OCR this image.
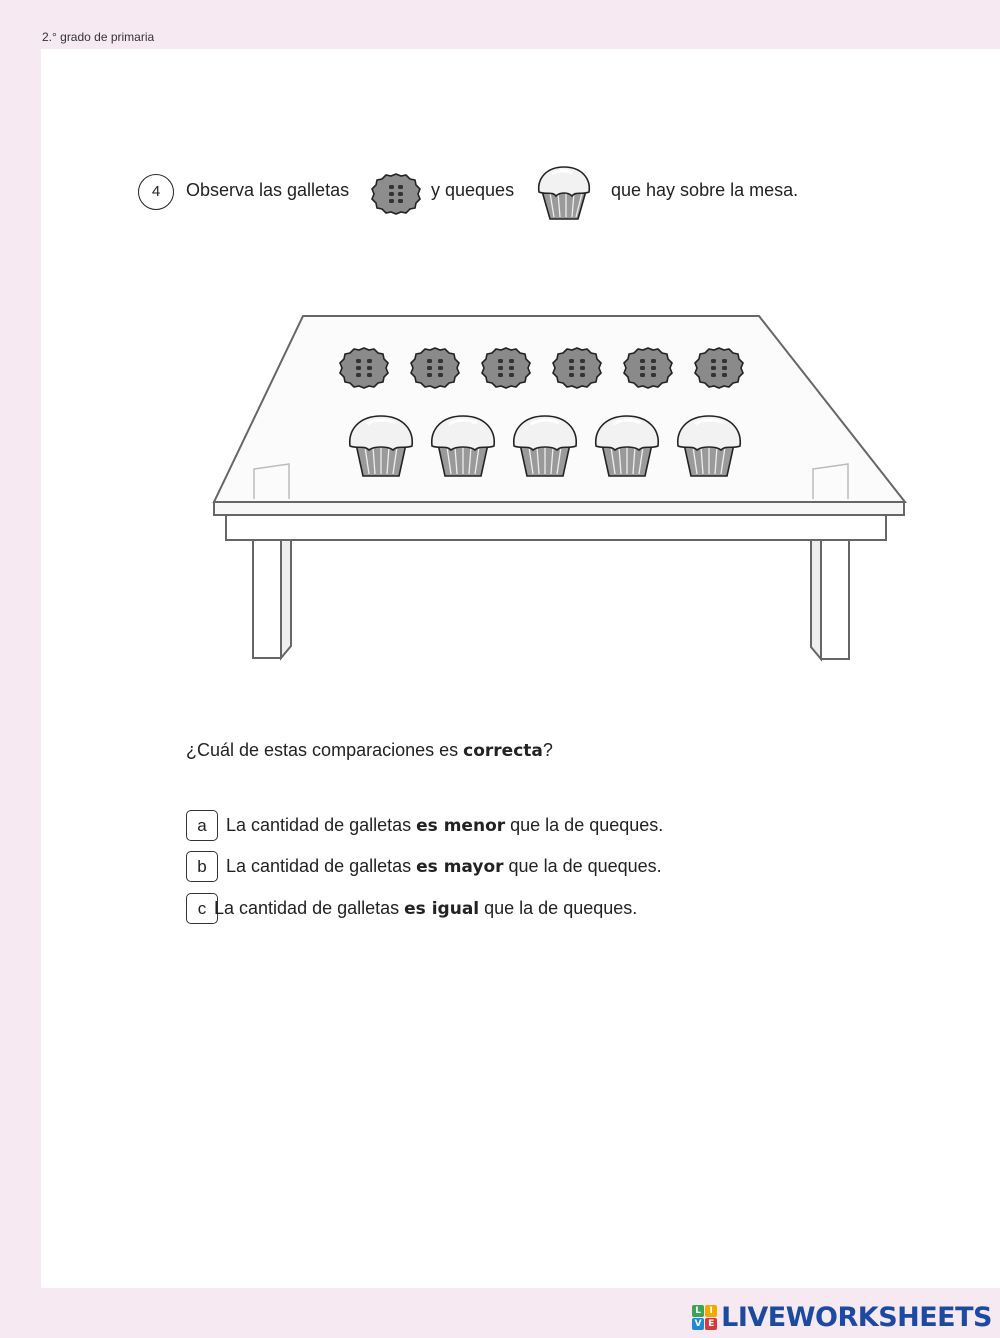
2.° grado de primaria
4	Observa las galletas	y queques	que hay sobre la mesa.
¿Cuál de estas comparaciones es correcta?
a	La cantidad de galletas es menor que la de queques.
b	La cantidad de galletas es mayor que la de queques.
c La cantidad de galletas es igual que la de queques.
L I
V E LIVEWORKSHEETS
